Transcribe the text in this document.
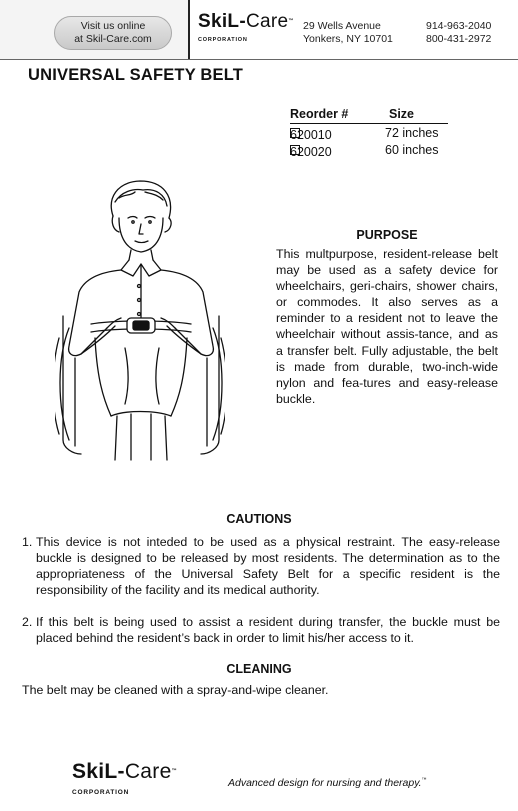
Visit us online
at Skil-Care.com
SkiL-Care™
CORPORATION
29 Wells Avenue
Yonkers, NY 10701
914-963-2040
800-431-2972
UNIVERSAL SAFETY BELT
Reorder #	Size
620010	72 inches
620020	60 inches
PURPOSE
This multpurpose, resident-release belt may be used as a safety device for wheelchairs, geri-chairs, shower chairs, or commodes. It also serves as a reminder to a resident not to leave the wheelchair without assis-tance, and as a transfer belt. Fully adjustable, the belt is made from durable, two-inch-wide nylon and fea-tures and easy-release buckle.
CAUTIONS
1. This device is not inteded to be used as a physical restraint. The easy-release buckle is designed to be released by most residents. The determination as to the appropriateness of the Universal Safety Belt for a specific resident is the responsibility of the facility and its medical authority.
2. If this belt is being used to assist a resident during transfer, the buckle must be placed behind the resident’s back in order to limit his/her access to it.
CLEANING
The belt may be cleaned with a spray-and-wipe cleaner.
SkiL-Care™
CORPORATION
Advanced design for nursing and therapy.™
